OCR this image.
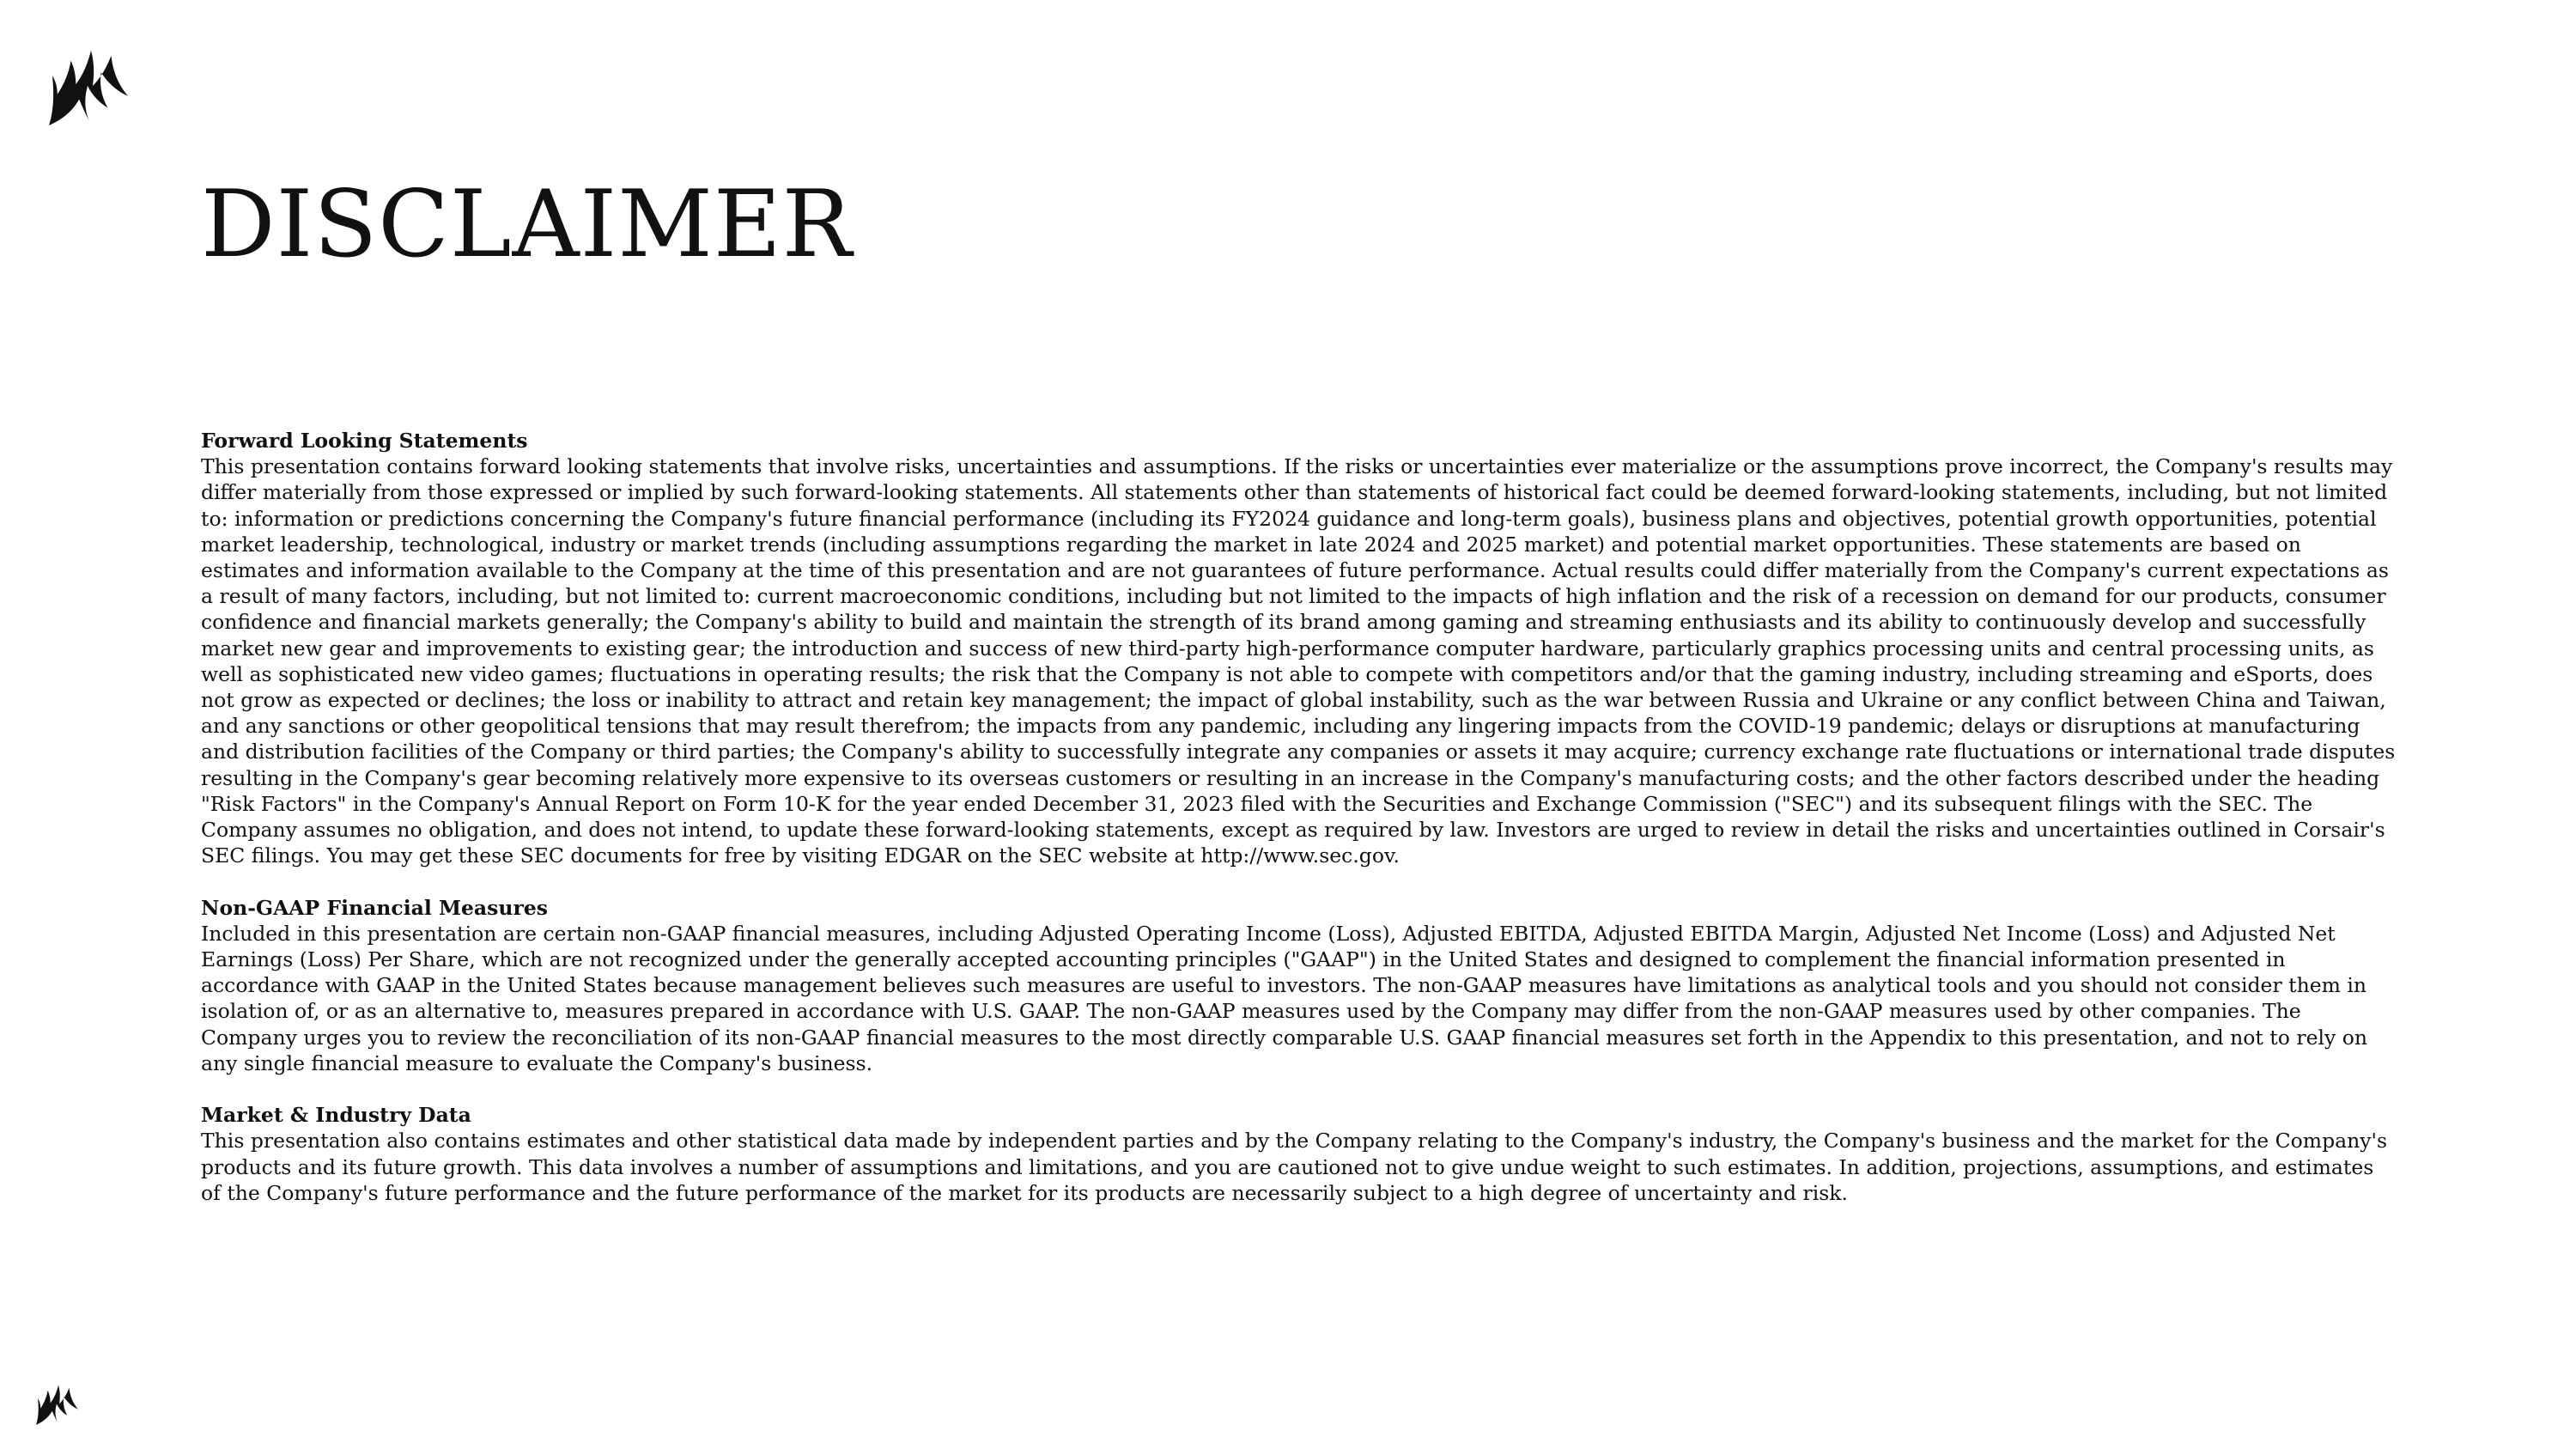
DISCLAIMER
Forward Looking Statements

This presentation contains forward looking statements that involve risks, uncertainties and assumptions. If the risks or uncertainties ever materialize or the assumptions prove incorrect, the Company's results may differ materially from those expressed or implied by such forward-looking statements. All statements other than statements of historical fact could be deemed forward-looking statements, including, but not limited to: information or predictions concerning the Company's future financial performance (including its FY2024 guidance and long-term goals), business plans and objectives, potential growth opportunities, potential market leadership, technological, industry or market trends (including assumptions regarding the market in late 2024 and 2025 market) and potential market opportunities. These statements are based on estimates and information available to the Company at the time of this presentation and are not guarantees of future performance. Actual results could differ materially from the Company's current expectations as a result of many factors, including, but not limited to: current macroeconomic conditions, including but not limited to the impacts of high inflation and the risk of a recession on demand for our products, consumer confidence and financial markets generally; the Company's ability to build and maintain the strength of its brand among gaming and streaming enthusiasts and its ability to continuously develop and successfully market new gear and improvements to existing gear; the introduction and success of new third-party high-performance computer hardware, particularly graphics processing units and central processing units, as well as sophisticated new video games; fluctuations in operating results; the risk that the Company is not able to compete with competitors and/or that the gaming industry, including streaming and eSports, does not grow as expected or declines; the loss or inability to attract and retain key management; the impact of global instability, such as the war between Russia and Ukraine or any conflict between China and Taiwan, and any sanctions or other geopolitical tensions that may result therefrom; the impacts from any pandemic, including any lingering impacts from the COVID-19 pandemic; delays or disruptions at manufacturing and distribution facilities of the Company or third parties; the Company's ability to successfully integrate any companies or assets it may acquire; currency exchange rate fluctuations or international trade disputes resulting in the Company's gear becoming relatively more expensive to its overseas customers or resulting in an increase in the Company's manufacturing costs; and the other factors described under the heading "Risk Factors" in the Company's Annual Report on Form 10-K for the year ended December 31, 2023 filed with the Securities and Exchange Commission ("SEC") and its subsequent filings with the SEC. The Company assumes no obligation, and does not intend, to update these forward-looking statements, except as required by law. Investors are urged to review in detail the risks and uncertainties outlined in Corsair's SEC filings. You may get these SEC documents for free by visiting EDGAR on the SEC website at http://www.sec.gov.

Non-GAAP Financial Measures

Included in this presentation are certain non-GAAP financial measures, including Adjusted Operating Income (Loss), Adjusted EBITDA, Adjusted EBITDA Margin, Adjusted Net Income (Loss) and Adjusted Net Earnings (Loss) Per Share, which are not recognized under the generally accepted accounting principles ("GAAP") in the United States and designed to complement the financial information presented in accordance with GAAP in the United States because management believes such measures are useful to investors. The non-GAAP measures have limitations as analytical tools and you should not consider them in isolation of, or as an alternative to, measures prepared in accordance with U.S. GAAP. The non-GAAP measures used by the Company may differ from the non-GAAP measures used by other companies. The Company urges you to review the reconciliation of its non-GAAP financial measures to the most directly comparable U.S. GAAP financial measures set forth in the Appendix to this presentation, and not to rely on any single financial measure to evaluate the Company's business.

Market & Industry Data

This presentation also contains estimates and other statistical data made by independent parties and by the Company relating to the Company's industry, the Company's business and the market for the Company's products and its future growth. This data involves a number of assumptions and limitations, and you are cautioned not to give undue weight to such estimates. In addition, projections, assumptions, and estimates of the Company's future performance and the future performance of the market for its products are necessarily subject to a high degree of uncertainty and risk.
